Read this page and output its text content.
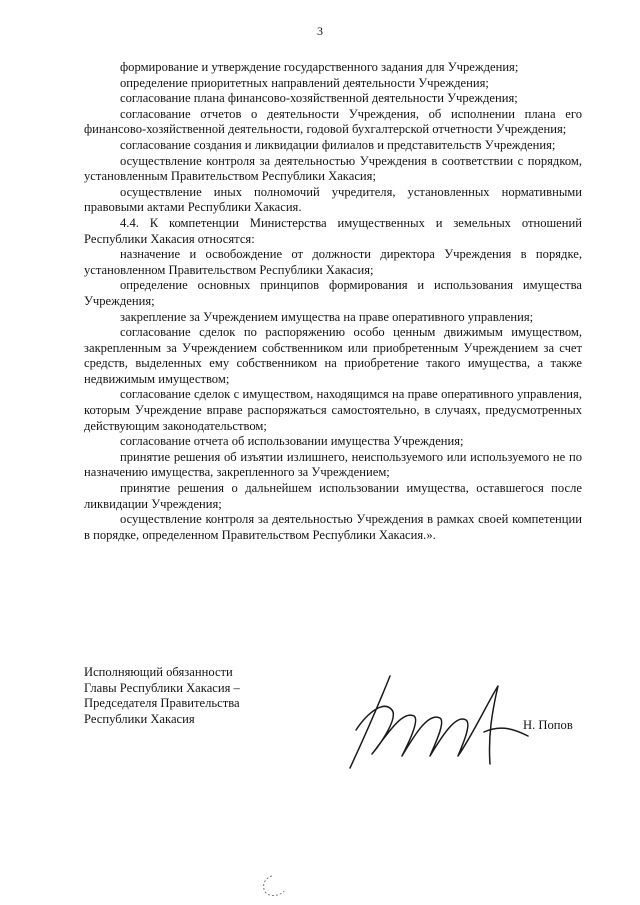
3

формирование и утверждение государственного задания для Учреждения;

определение приоритетных направлений деятельности Учреждения;

согласование плана финансово-хозяйственной деятельности Учреждения;

согласование отчетов о деятельности Учреждения, об исполнении плана его финансово-хозяйственной деятельности, годовой бухгалтерской отчетности Учреждения;

согласование создания и ликвидации филиалов и представительств Учреждения;

осуществление контроля за деятельностью Учреждения в соответствии с порядком, установленным Правительством Республики Хакасия;

осуществление иных полномочий учредителя, установленных нормативными правовыми актами Республики Хакасия.

4.4. К компетенции Министерства имущественных и земельных отношений Республики Хакасия относятся:

назначение и освобождение от должности директора Учреждения в порядке, установленном Правительством Республики Хакасия;

определение основных принципов формирования и использования имущества Учреждения;

закрепление за Учреждением имущества на праве оперативного управления;

согласование сделок по распоряжению особо ценным движимым имуществом, закрепленным за Учреждением собственником или приобретенным Учреждением за счет средств, выделенных ему собственником на приобретение такого имущества, а также недвижимым имуществом;

согласование сделок с имуществом, находящимся на праве оперативного управления, которым Учреждение вправе распоряжаться самостоятельно, в случаях, предусмотренных действующим законодательством;

согласование отчета об использовании имущества Учреждения;

принятие решения об изъятии излишнего, неиспользуемого или используемого не по назначению имущества, закрепленного за Учреждением;

принятие решения о дальнейшем использовании имущества, оставшегося после ликвидации Учреждения;

осуществление контроля за деятельностью Учреждения в рамках своей компетенции в порядке, определенном Правительством Республики Хакасия.».

Исполняющий обязанности
Главы Республики Хакасия –
Председателя Правительства
Республики Хакасия	Н. Попов
